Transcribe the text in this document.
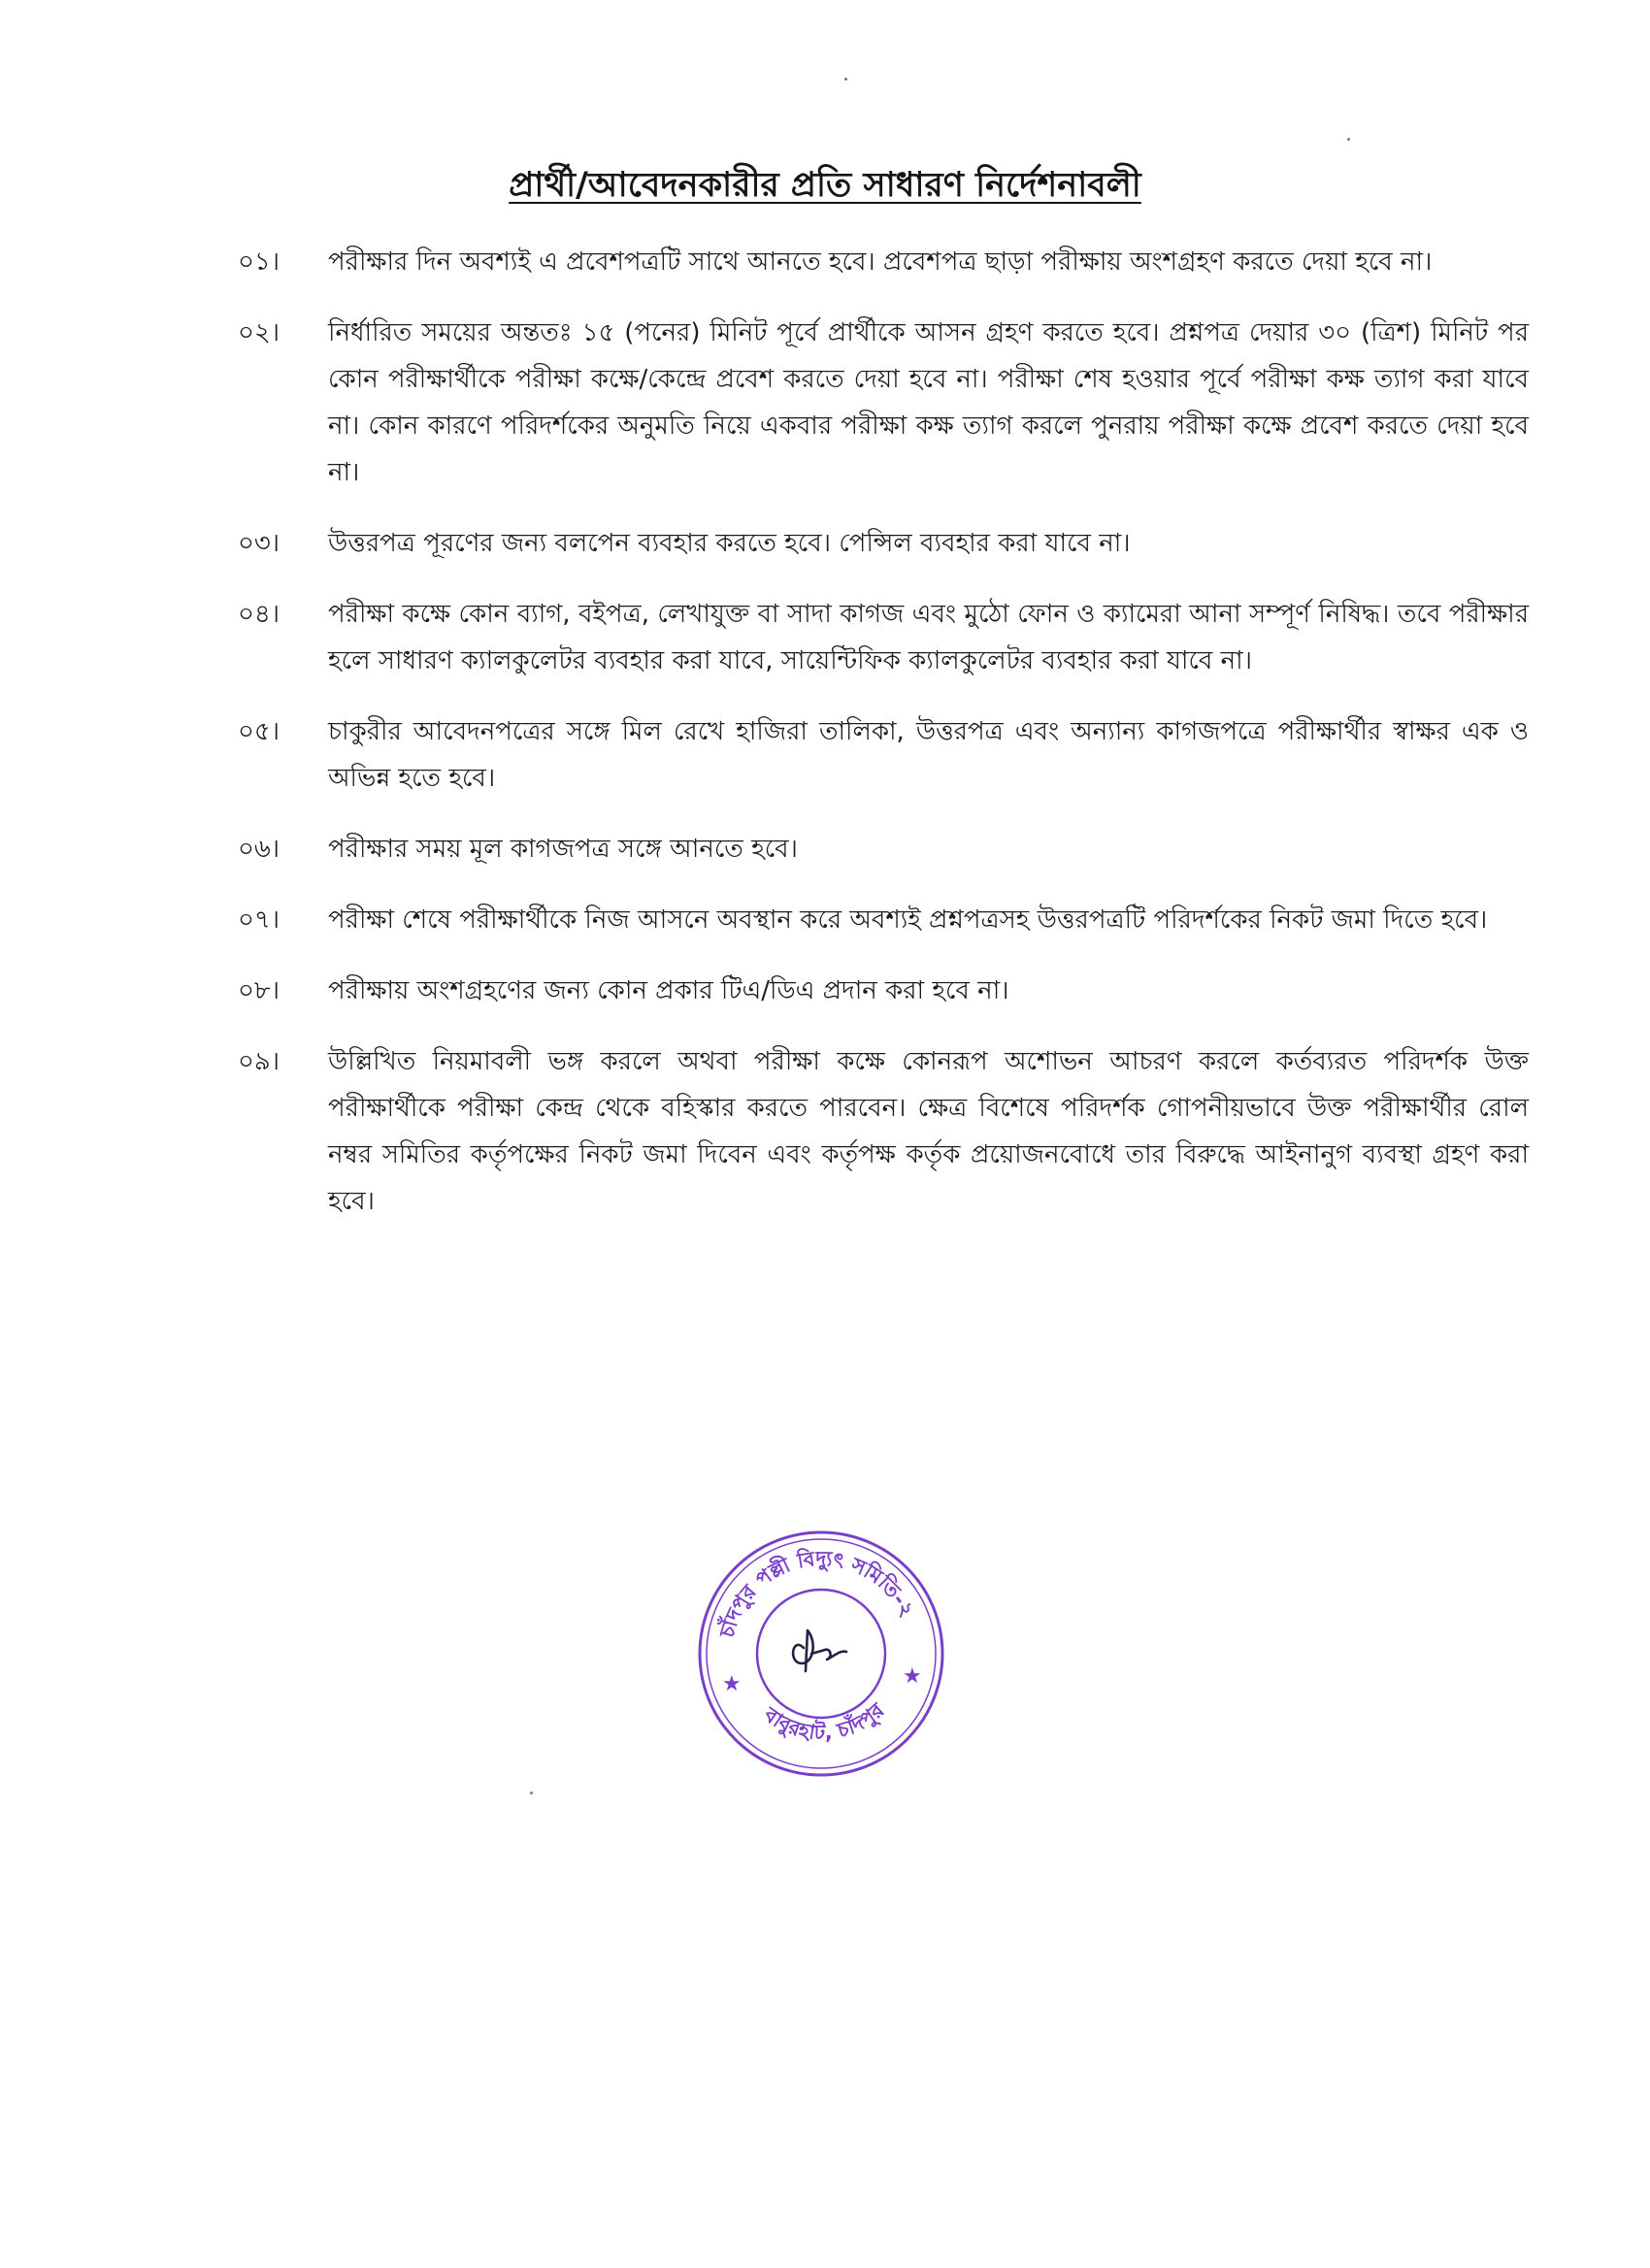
প্রার্থী/আবেদনকারীর প্রতি সাধারণ নির্দেশনাবলী
০১।	পরীক্ষার দিন অবশ্যই এ প্রবেশপত্রটি সাথে আনতে হবে। প্রবেশপত্র ছাড়া পরীক্ষায় অংশগ্রহণ করতে দেয়া হবে না।
০২।	নির্ধারিত সময়ের অন্ততঃ ১৫ (পনের) মিনিট পূর্বে প্রার্থীকে আসন গ্রহণ করতে হবে। প্রশ্নপত্র দেয়ার ৩০ (ত্রিশ) মিনিট পর কোন পরীক্ষার্থীকে পরীক্ষা কক্ষে/কেন্দ্রে প্রবেশ করতে দেয়া হবে না। পরীক্ষা শেষ হওয়ার পূর্বে পরীক্ষা কক্ষ ত্যাগ করা যাবে না। কোন কারণে পরিদর্শকের অনুমতি নিয়ে একবার পরীক্ষা কক্ষ ত্যাগ করলে পুনরায় পরীক্ষা কক্ষে প্রবেশ করতে দেয়া হবে না।
০৩।	উত্তরপত্র পূরণের জন্য বলপেন ব্যবহার করতে হবে। পেন্সিল ব্যবহার করা যাবে না।
০৪।	পরীক্ষা কক্ষে কোন ব্যাগ, বইপত্র, লেখাযুক্ত বা সাদা কাগজ এবং মুঠো ফোন ও ক্যামেরা আনা সম্পূর্ণ নিষিদ্ধ। তবে পরীক্ষার হলে সাধারণ ক্যালকুলেটর ব্যবহার করা যাবে, সায়েন্টিফিক ক্যালকুলেটর ব্যবহার করা যাবে না।
০৫।	চাকুরীর আবেদনপত্রের সঙ্গে মিল রেখে হাজিরা তালিকা, উত্তরপত্র এবং অন্যান্য কাগজপত্রে পরীক্ষার্থীর স্বাক্ষর এক ও অভিন্ন হতে হবে।
০৬।	পরীক্ষার সময় মূল কাগজপত্র সঙ্গে আনতে হবে।
০৭।	পরীক্ষা শেষে পরীক্ষার্থীকে নিজ আসনে অবস্থান করে অবশ্যই প্রশ্নপত্রসহ উত্তরপত্রটি পরিদর্শকের নিকট জমা দিতে হবে।
০৮।	পরীক্ষায় অংশগ্রহণের জন্য কোন প্রকার টিএ/ডিএ প্রদান করা হবে না।
০৯।	উল্লিখিত নিয়মাবলী ভঙ্গ করলে অথবা পরীক্ষা কক্ষে কোনরূপ অশোভন আচরণ করলে কর্তব্যরত পরিদর্শক উক্ত পরীক্ষার্থীকে পরীক্ষা কেন্দ্র থেকে বহিস্কার করতে পারবেন। ক্ষেত্র বিশেষে পরিদর্শক গোপনীয়ভাবে উক্ত পরীক্ষার্থীর রোল নম্বর সমিতির কর্তৃপক্ষের নিকট জমা দিবেন এবং কর্তৃপক্ষ কর্তৃক প্রয়োজনবোধে তার বিরুদ্ধে আইনানুগ ব্যবস্থা গ্রহণ করা হবে।
চাঁদপুর পল্লী বিদ্যুৎ সমিতি-২
বাবুরহাট, চাঁদপুর
★	★
